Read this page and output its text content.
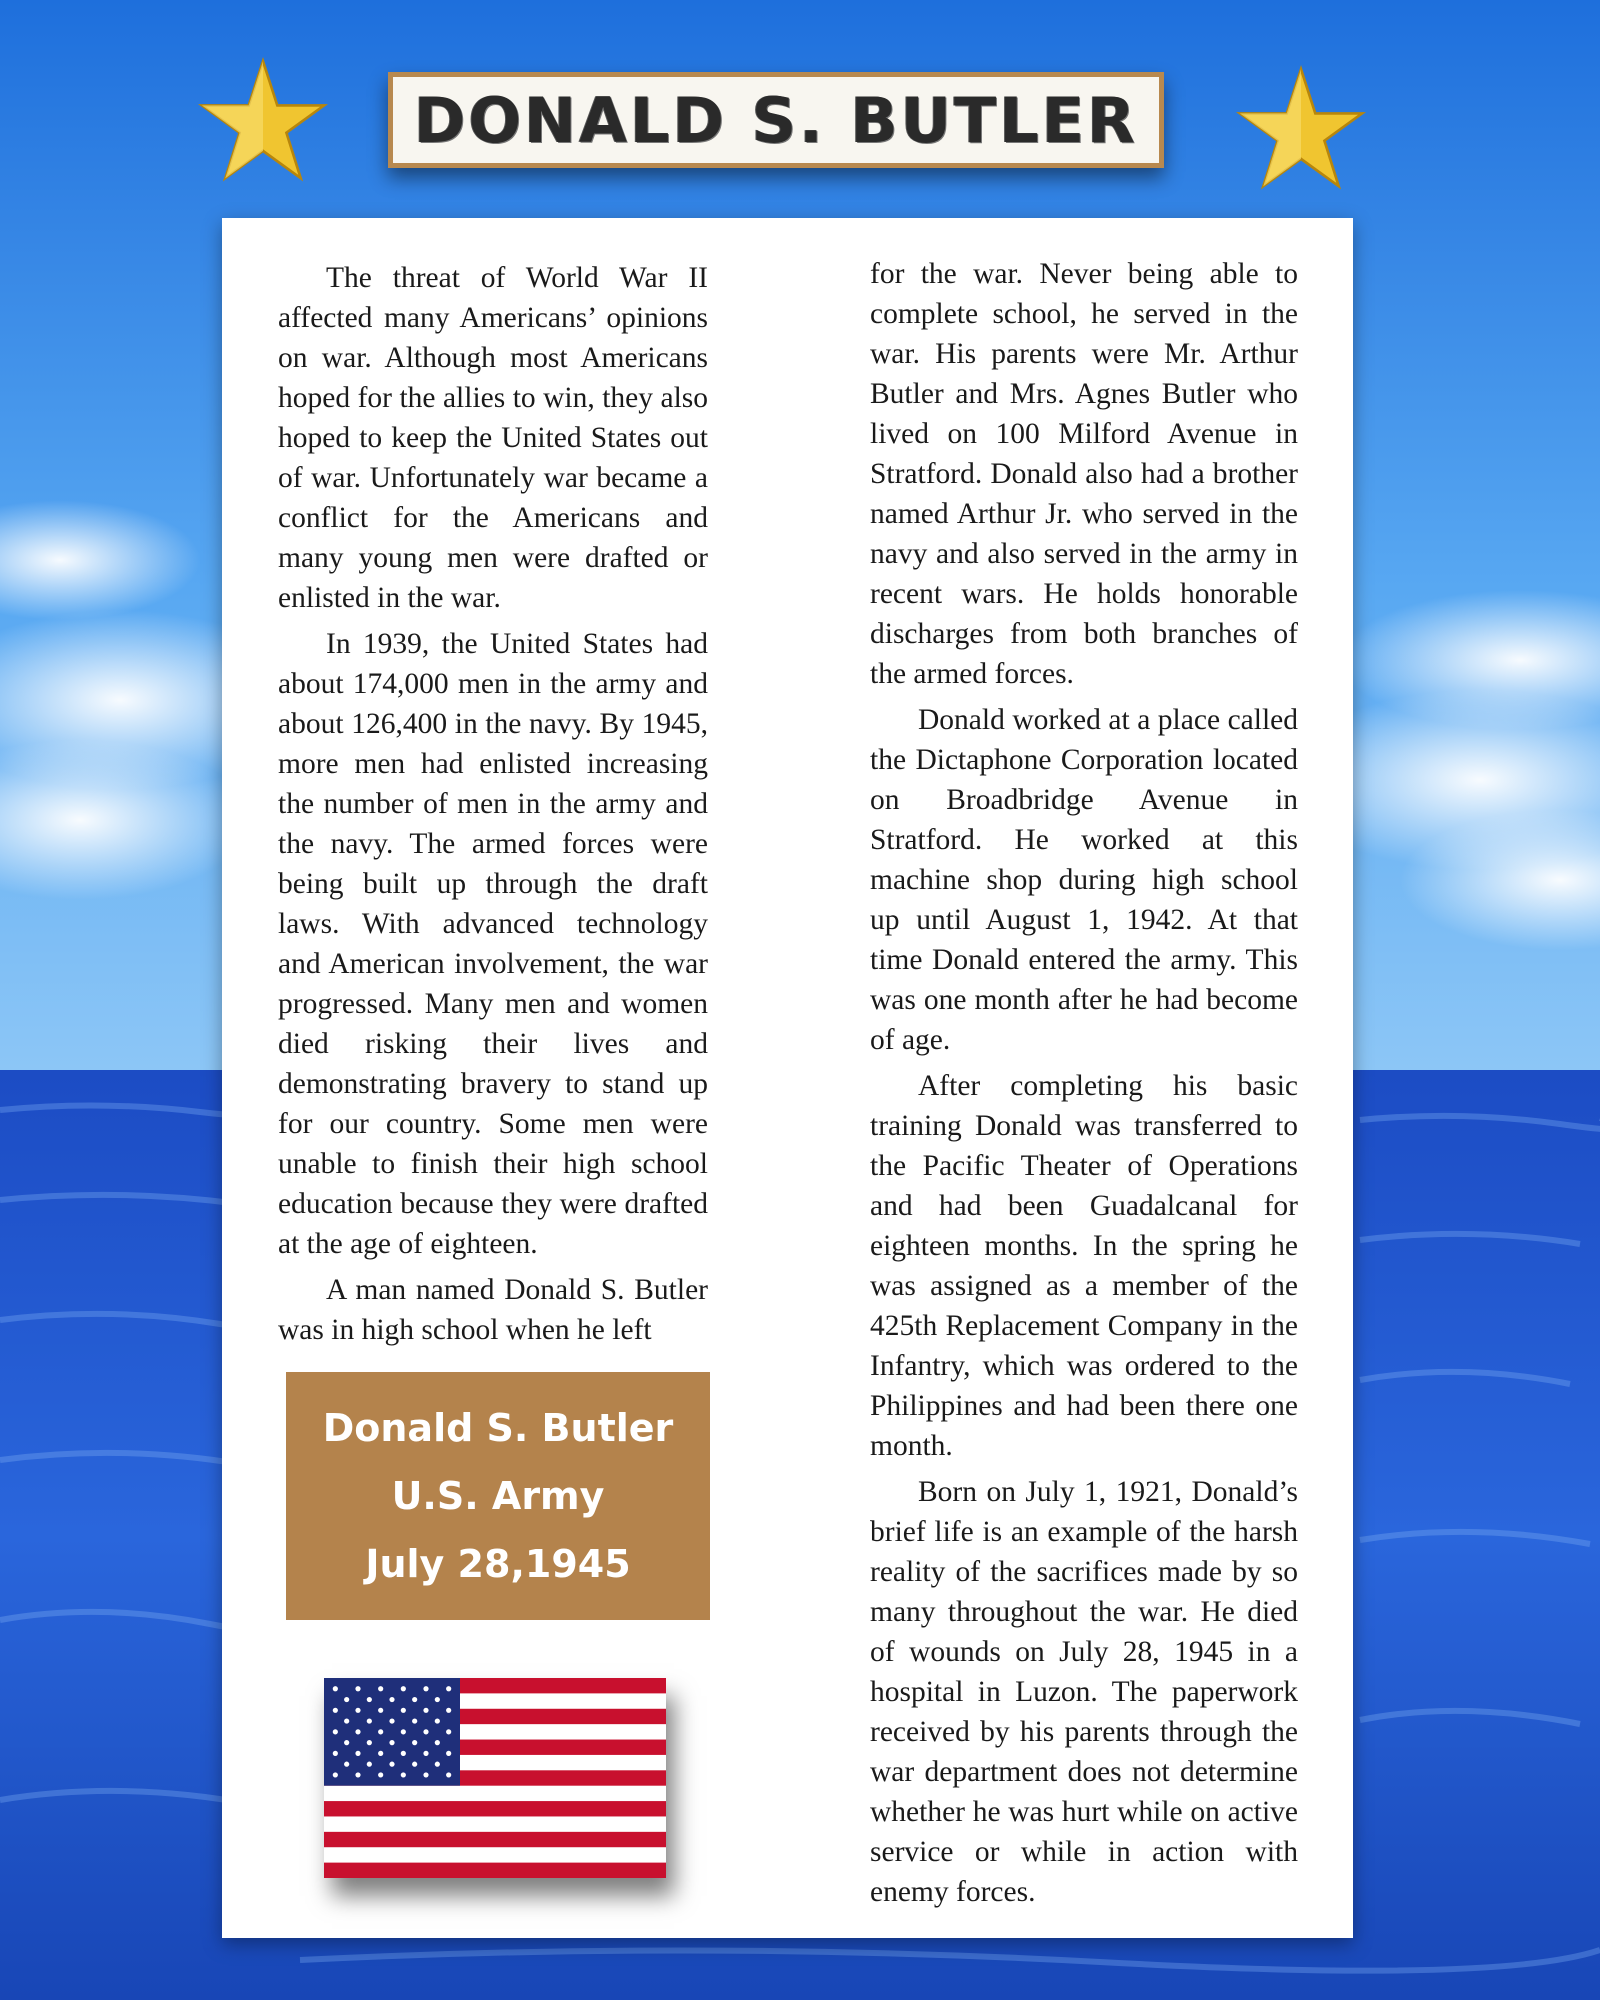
DONALD S. BUTLER

The threat of World War II affected many Americans’ opinions on war. Although most Americans hoped for the allies to win, they also hoped to keep the United States out of war. Unfortunately war became a conflict for the Americans and many young men were drafted or enlisted in the war.

In 1939, the United States had about 174,000 men in the army and about 126,400 in the navy. By 1945, more men had enlisted increasing the number of men in the army and the navy. The armed forces were being built up through the draft laws. With advanced technology and American involvement, the war progressed. Many men and women died risking their lives and demonstrating bravery to stand up for our country. Some men were unable to finish their high school education because they were drafted at the age of eighteen.

A man named Donald S. Butler was in high school when he left

for the war. Never being able to complete school, he served in the war. His parents were Mr. Arthur Butler and Mrs. Agnes Butler who lived on 100 Milford Avenue in Stratford. Donald also had a brother named Arthur Jr. who served in the navy and also served in the army in recent wars. He holds honorable discharges from both branches of the armed forces.

Donald worked at a place called the Dictaphone Corporation located on Broadbridge Avenue in Stratford. He worked at this machine shop during high school up until August 1, 1942. At that time Donald entered the army. This was one month after he had become of age.

After completing his basic training Donald was transferred to the Pacific Theater of Operations and had been Guadalcanal for eighteen months. In the spring he was assigned as a member of the 425th Replacement Company in the Infantry, which was ordered to the Philippines and had been there one month.

Born on July 1, 1921, Donald’s brief life is an example of the harsh reality of the sacrifices made by so many throughout the war. He died of wounds on July 28, 1945 in a hospital in Luzon. The paperwork received by his parents through the war department does not determine whether he was hurt while on active service or while in action with enemy forces.

Donald S. Butler
U.S. Army
July 28,1945
